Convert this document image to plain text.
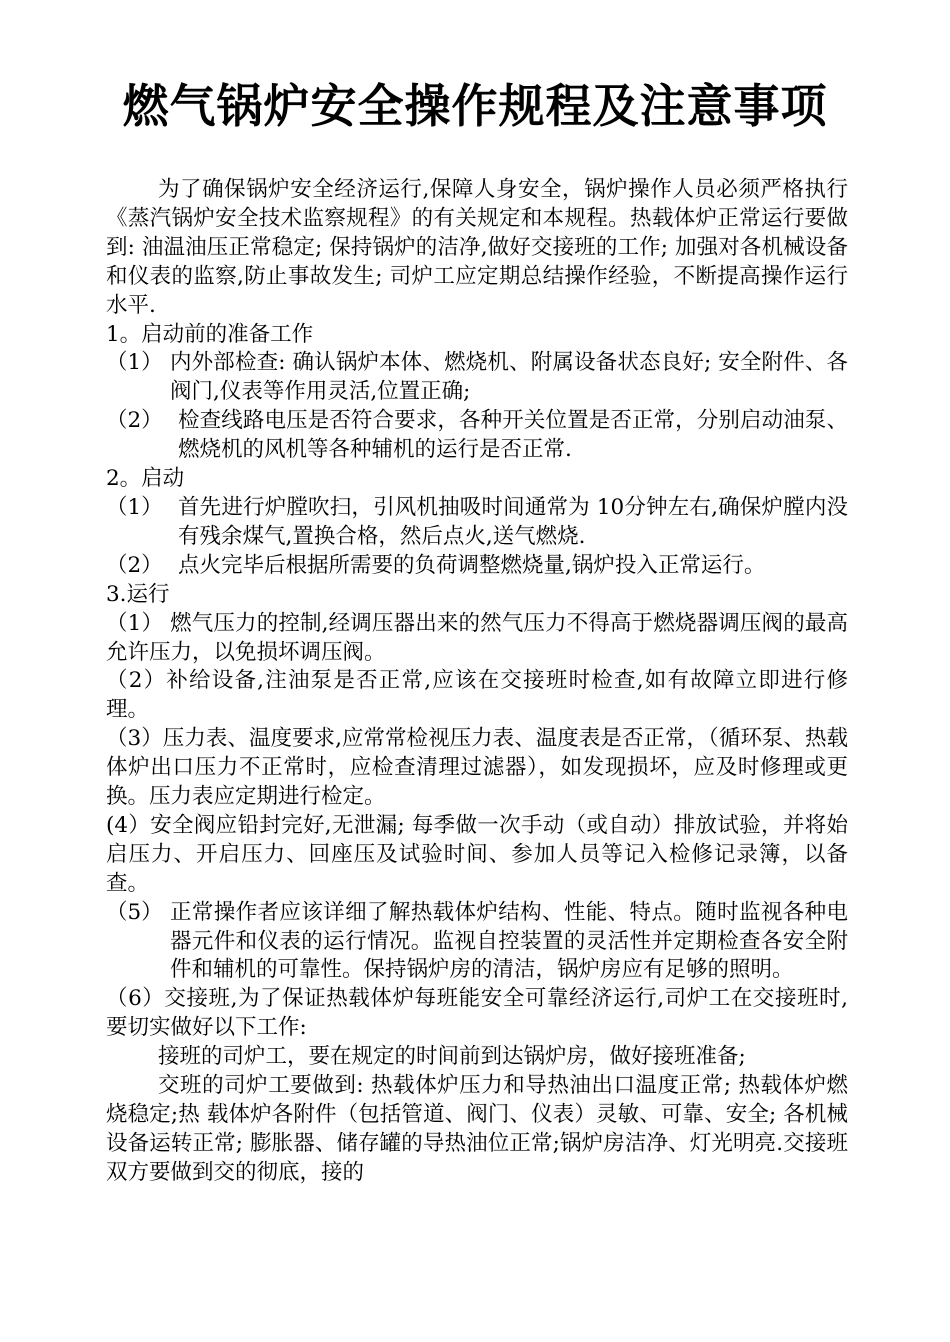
燃气锅炉安全操作规程及注意事项

为了确保锅炉安全经济运行,保障人身安全，锅炉操作人员必须严格执行《蒸汽锅炉安全技术监察规程》的有关规定和本规程。热载体炉正常运行要做到: 油温油压正常稳定; 保持锅炉的洁净,做好交接班的工作; 加强对各机械设备和仪表的监察,防止事故发生; 司炉工应定期总结操作经验，不断提高操作运行水平.

1。启动前的准备工作

（1） 内外部检查: 确认锅炉本体、燃烧机、附属设备状态良好; 安全附件、各阀门,仪表等作用灵活,位置正确;
（2） 检查线路电压是否符合要求，各种开关位置是否正常，分别启动油泵、燃烧机的风机等各种辅机的运行是否正常.

2。启动

（1） 首先进行炉膛吹扫，引风机抽吸时间通常为 10分钟左右,确保炉膛内没有残余煤气,置换合格，然后点火,送气燃烧.
（2） 点火完毕后根据所需要的负荷调整燃烧量,锅炉投入正常运行。

3.运行

（1） 燃气压力的控制,经调压器出来的然气压力不得高于燃烧器调压阀的最高允许压力，以免损坏调压阀。

（2）补给设备,注油泵是否正常,应该在交接班时检查,如有故障立即进行修理。

（3）压力表、温度要求,应常常检视压力表、温度表是否正常，（循环泵、热载体炉出口压力不正常时，应检查清理过滤器），如发现损坏，应及时修理或更换。压力表应定期进行检定。

(4）安全阀应铅封完好,无泄漏; 每季做一次手动（或自动）排放试验，并将始启压力、开启压力、回座压及试验时间、参加人员等记入检修记录簿，以备查。

（5） 正常操作者应该详细了解热载体炉结构、性能、特点。随时监视各种电器元件和仪表的运行情况。监视自控装置的灵活性并定期检查各安全附件和辅机的可靠性。保持锅炉房的清洁，锅炉房应有足够的照明。

（6）交接班,为了保证热载体炉每班能安全可靠经济运行,司炉工在交接班时,要切实做好以下工作:

接班的司炉工，要在规定的时间前到达锅炉房，做好接班准备;

交班的司炉工要做到: 热载体炉压力和导热油出口温度正常; 热载体炉燃烧稳定;热 载体炉各附件（包括管道、阀门、仪表）灵敏、可靠、安全; 各机械设备运转正常; 膨胀器、储存罐的导热油位正常;锅炉房洁净、灯光明亮.交接班双方要做到交的彻底，接的
